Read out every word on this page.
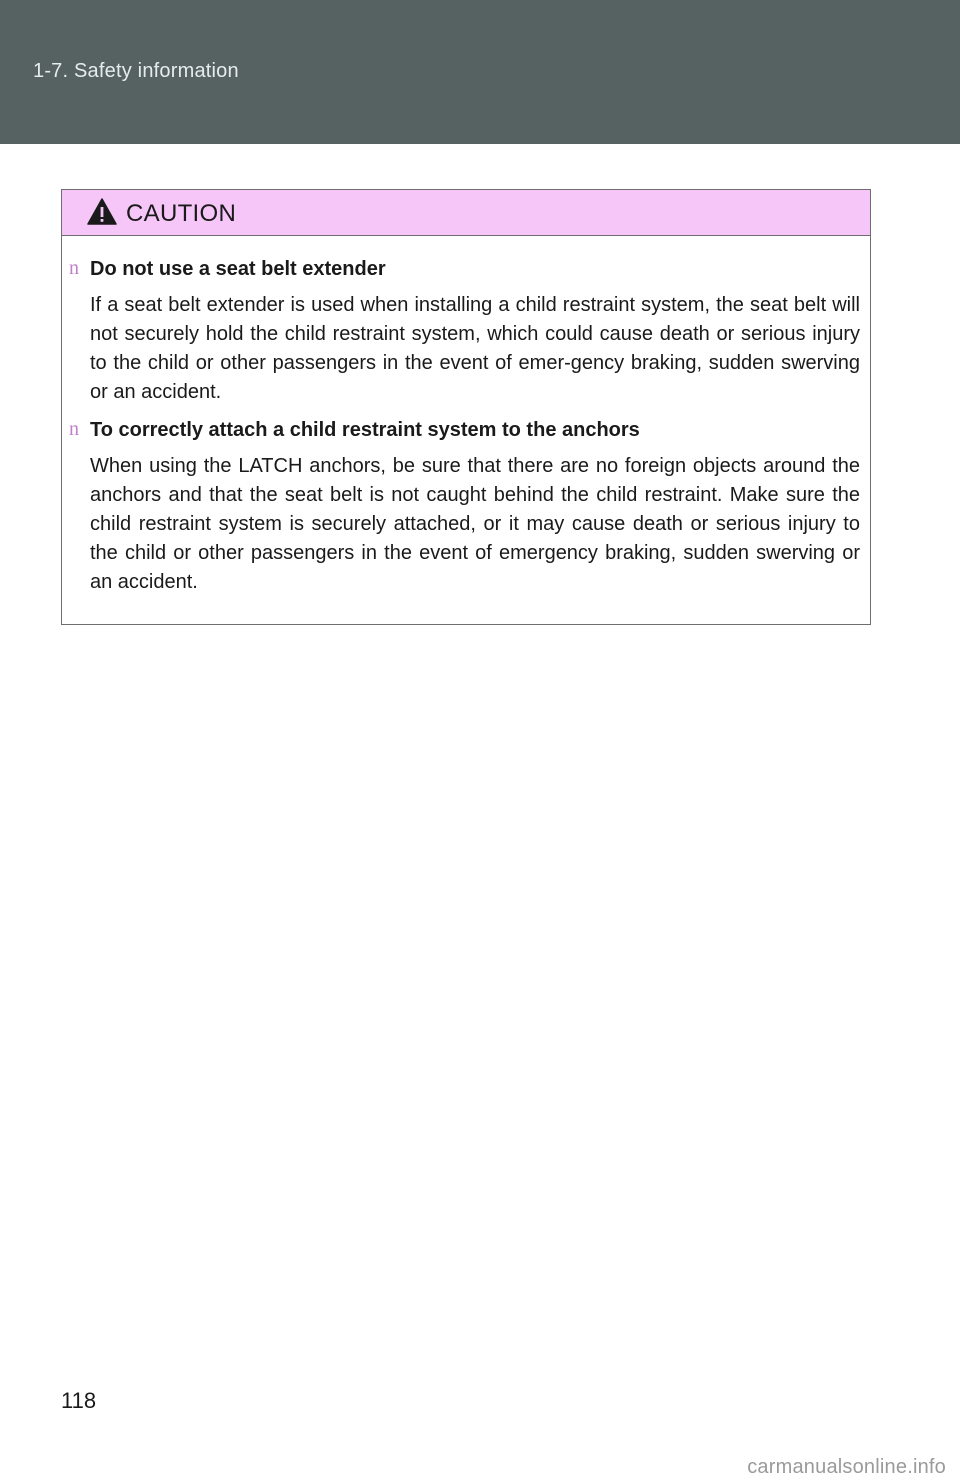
1-7. Safety information
CAUTION
n Do not use a seat belt extender
If a seat belt extender is used when installing a child restraint system, the seat belt will not securely hold the child restraint system, which could cause death or serious injury to the child or other passengers in the event of emer-gency braking, sudden swerving or an accident.
n To correctly attach a child restraint system to the anchors
When using the LATCH anchors, be sure that there are no foreign objects around the anchors and that the seat belt is not caught behind the child restraint. Make sure the child restraint system is securely attached, or it may cause death or serious injury to the child or other passengers in the event of emergency braking, sudden swerving or an accident.
118
carmanualsonline.info
